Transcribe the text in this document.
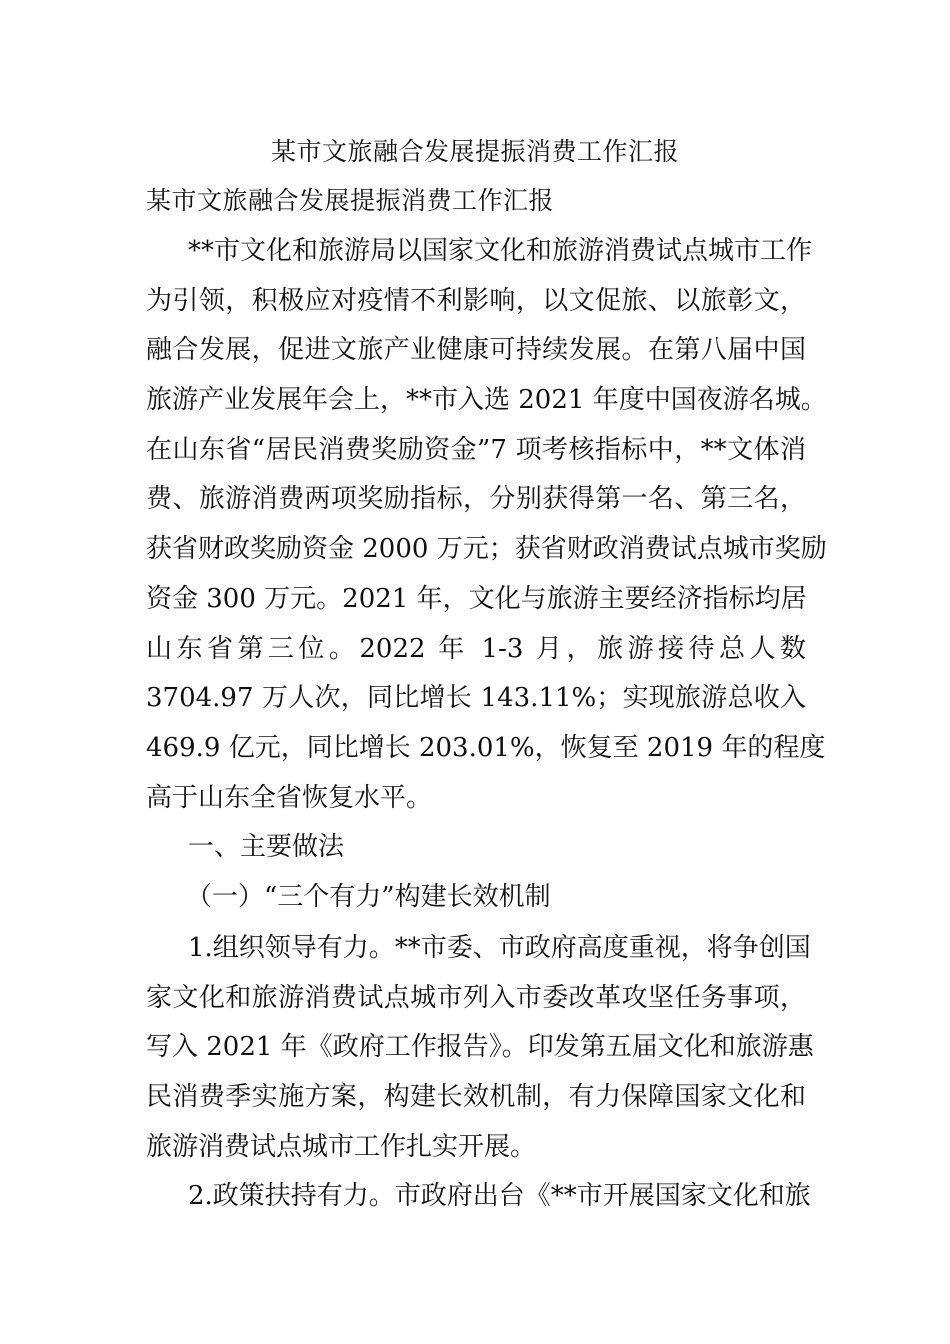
某市文旅融合发展提振消费工作汇报
某市文旅融合发展提振消费工作汇报
**市文化和旅游局以国家文化和旅游消费试点城市工作
为引领，积极应对疫情不利影响，以文促旅、以旅彰文，
融合发展，促进文旅产业健康可持续发展。在第八届中国
旅游产业发展年会上，**市入选 2021 年度中国夜游名城。
在山东省“居民消费奖励资金”7 项考核指标中，**文体消
费、旅游消费两项奖励指标，分别获得第一名、第三名，
获省财政奖励资金 2000 万元；获省财政消费试点城市奖励
资金 300 万元。2021 年，文化与旅游主要经济指标均居
山东省第三位。2022 年 1-3 月，旅游接待总人数
3704.97 万人次，同比增长 143.11%；实现旅游总收入
469.9 亿元，同比增长 203.01%，恢复至 2019 年的程度
高于山东全省恢复水平。
一、主要做法
（一）“三个有力”构建长效机制
1.组织领导有力。**市委、市政府高度重视，将争创国
家文化和旅游消费试点城市列入市委改革攻坚任务事项，
写入 2021 年《政府工作报告》。印发第五届文化和旅游惠
民消费季实施方案，构建长效机制，有力保障国家文化和
旅游消费试点城市工作扎实开展。
2.政策扶持有力。市政府出台《**市开展国家文化和旅
